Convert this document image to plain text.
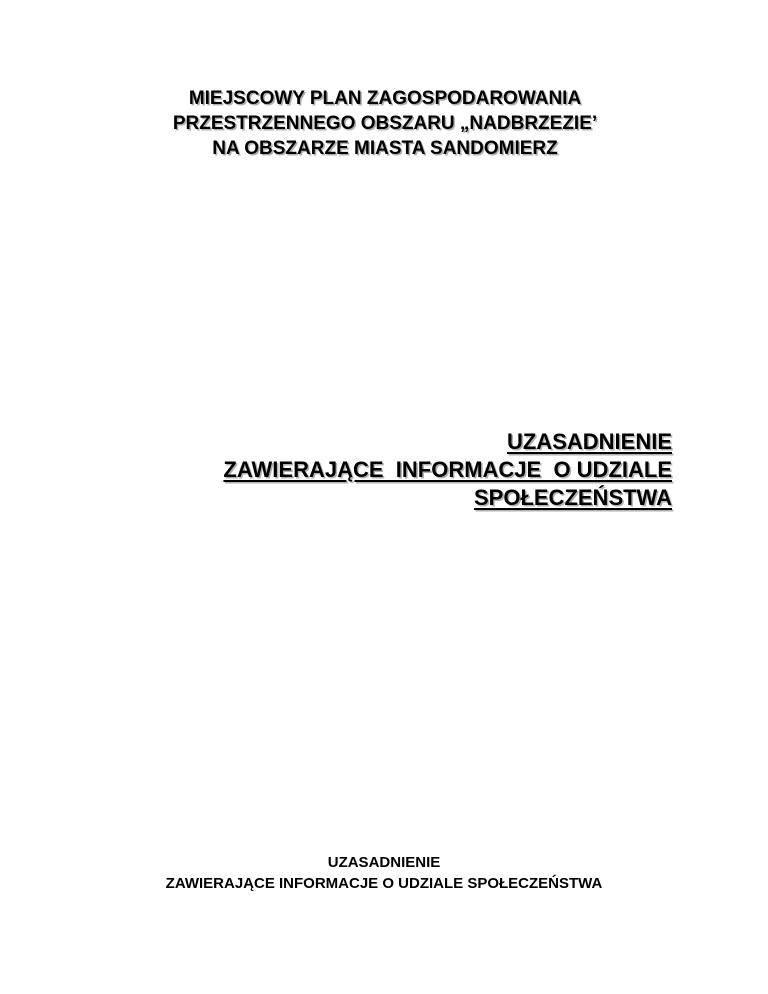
MIEJSCOWY PLAN ZAGOSPODAROWANIA
PRZESTRZENNEGO OBSZARU „NADBRZEZIE’
NA OBSZARZE MIASTA SANDOMIERZ
UZASADNIENIE
ZAWIERAJĄCE  INFORMACJE  O UDZIALE
SPOŁECZEŃSTWA
UZASADNIENIE
ZAWIERAJĄCE INFORMACJE O UDZIALE SPOŁECZEŃSTWA
